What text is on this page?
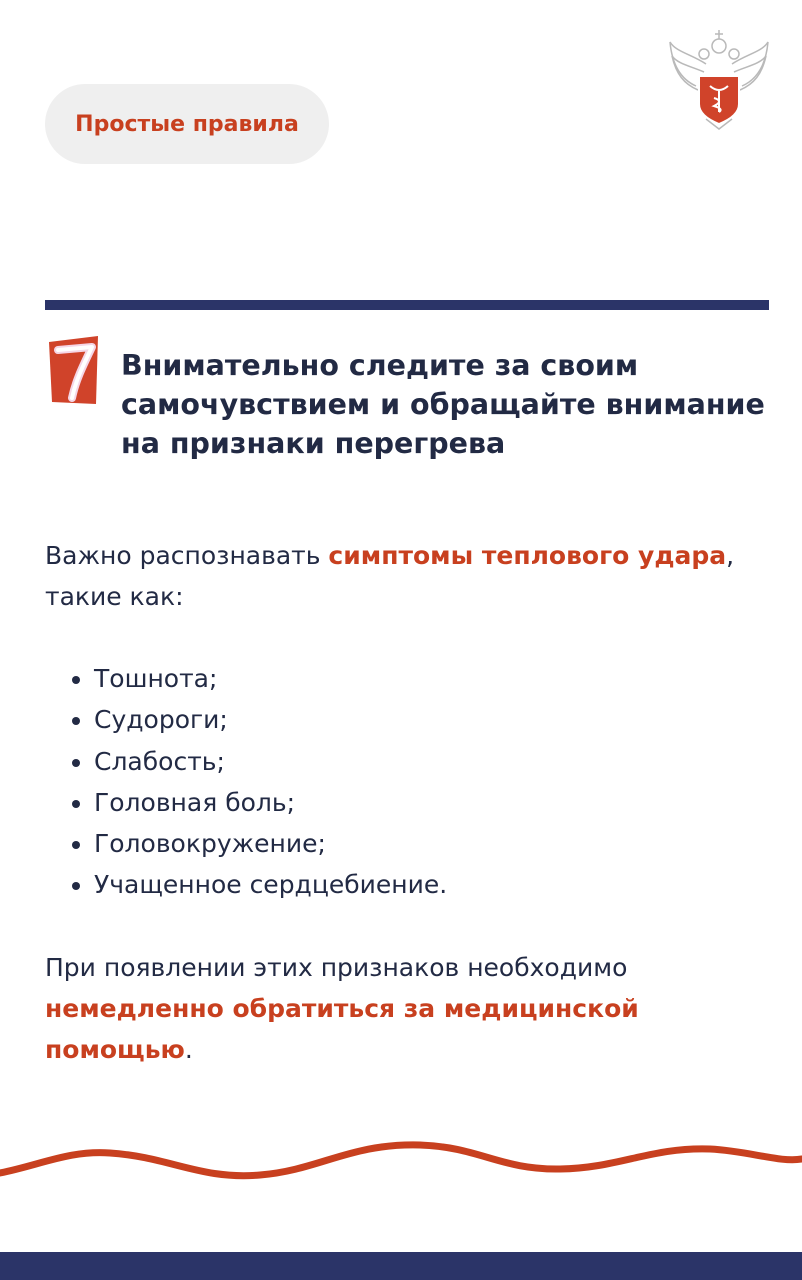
Простые правила
Внимательно следите за своим самочувствием и обращайте внимание на признаки перегрева

Важно распознавать симптомы теплового удара, такие как:

• Тошнота;
• Судороги;
• Слабость;
• Головная боль;
• Головокружение;
• Учащенное сердцебиение.

При появлении этих признаков необходимо немедленно обратиться за медицинской помощью.
